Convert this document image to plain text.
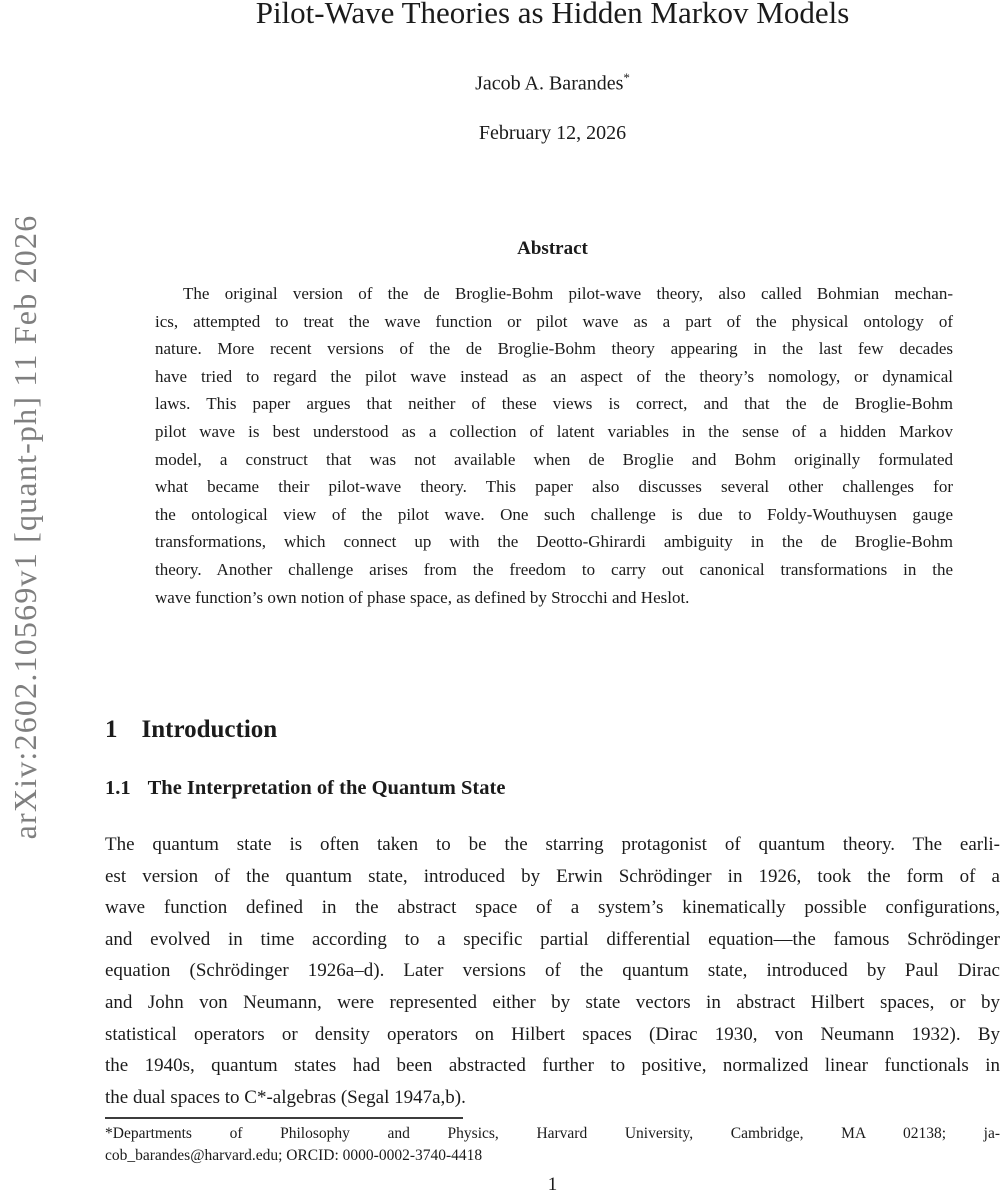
arXiv:2602.10569v1 [quant-ph] 11 Feb 2026
Pilot-Wave Theories as Hidden Markov Models
Jacob A. Barandes*
February 12, 2026
Abstract
The original version of the de Broglie-Bohm pilot-wave theory, also called Bohmian mechan-
ics, attempted to treat the wave function or pilot wave as a part of the physical ontology of
nature. More recent versions of the de Broglie-Bohm theory appearing in the last few decades
have tried to regard the pilot wave instead as an aspect of the theory’s nomology, or dynamical
laws. This paper argues that neither of these views is correct, and that the de Broglie-Bohm
pilot wave is best understood as a collection of latent variables in the sense of a hidden Markov
model, a construct that was not available when de Broglie and Bohm originally formulated
what became their pilot-wave theory. This paper also discusses several other challenges for
the ontological view of the pilot wave. One such challenge is due to Foldy-Wouthuysen gauge
transformations, which connect up with the Deotto-Ghirardi ambiguity in the de Broglie-Bohm
theory. Another challenge arises from the freedom to carry out canonical transformations in the
wave function’s own notion of phase space, as defined by Strocchi and Heslot.
1 Introduction
1.1 The Interpretation of the Quantum State
The quantum state is often taken to be the starring protagonist of quantum theory. The earli-
est version of the quantum state, introduced by Erwin Schrödinger in 1926, took the form of a
wave function defined in the abstract space of a system’s kinematically possible configurations,
and evolved in time according to a specific partial differential equation—the famous Schrödinger
equation (Schrödinger 1926a–d). Later versions of the quantum state, introduced by Paul Dirac
and John von Neumann, were represented either by state vectors in abstract Hilbert spaces, or by
statistical operators or density operators on Hilbert spaces (Dirac 1930, von Neumann 1932). By
the 1940s, quantum states had been abstracted further to positive, normalized linear functionals in
the dual spaces to C*-algebras (Segal 1947a,b).
*Departments of Philosophy and Physics, Harvard University, Cambridge, MA 02138; ja-
cob_barandes@harvard.edu; ORCID: 0000-0002-3740-4418
1
